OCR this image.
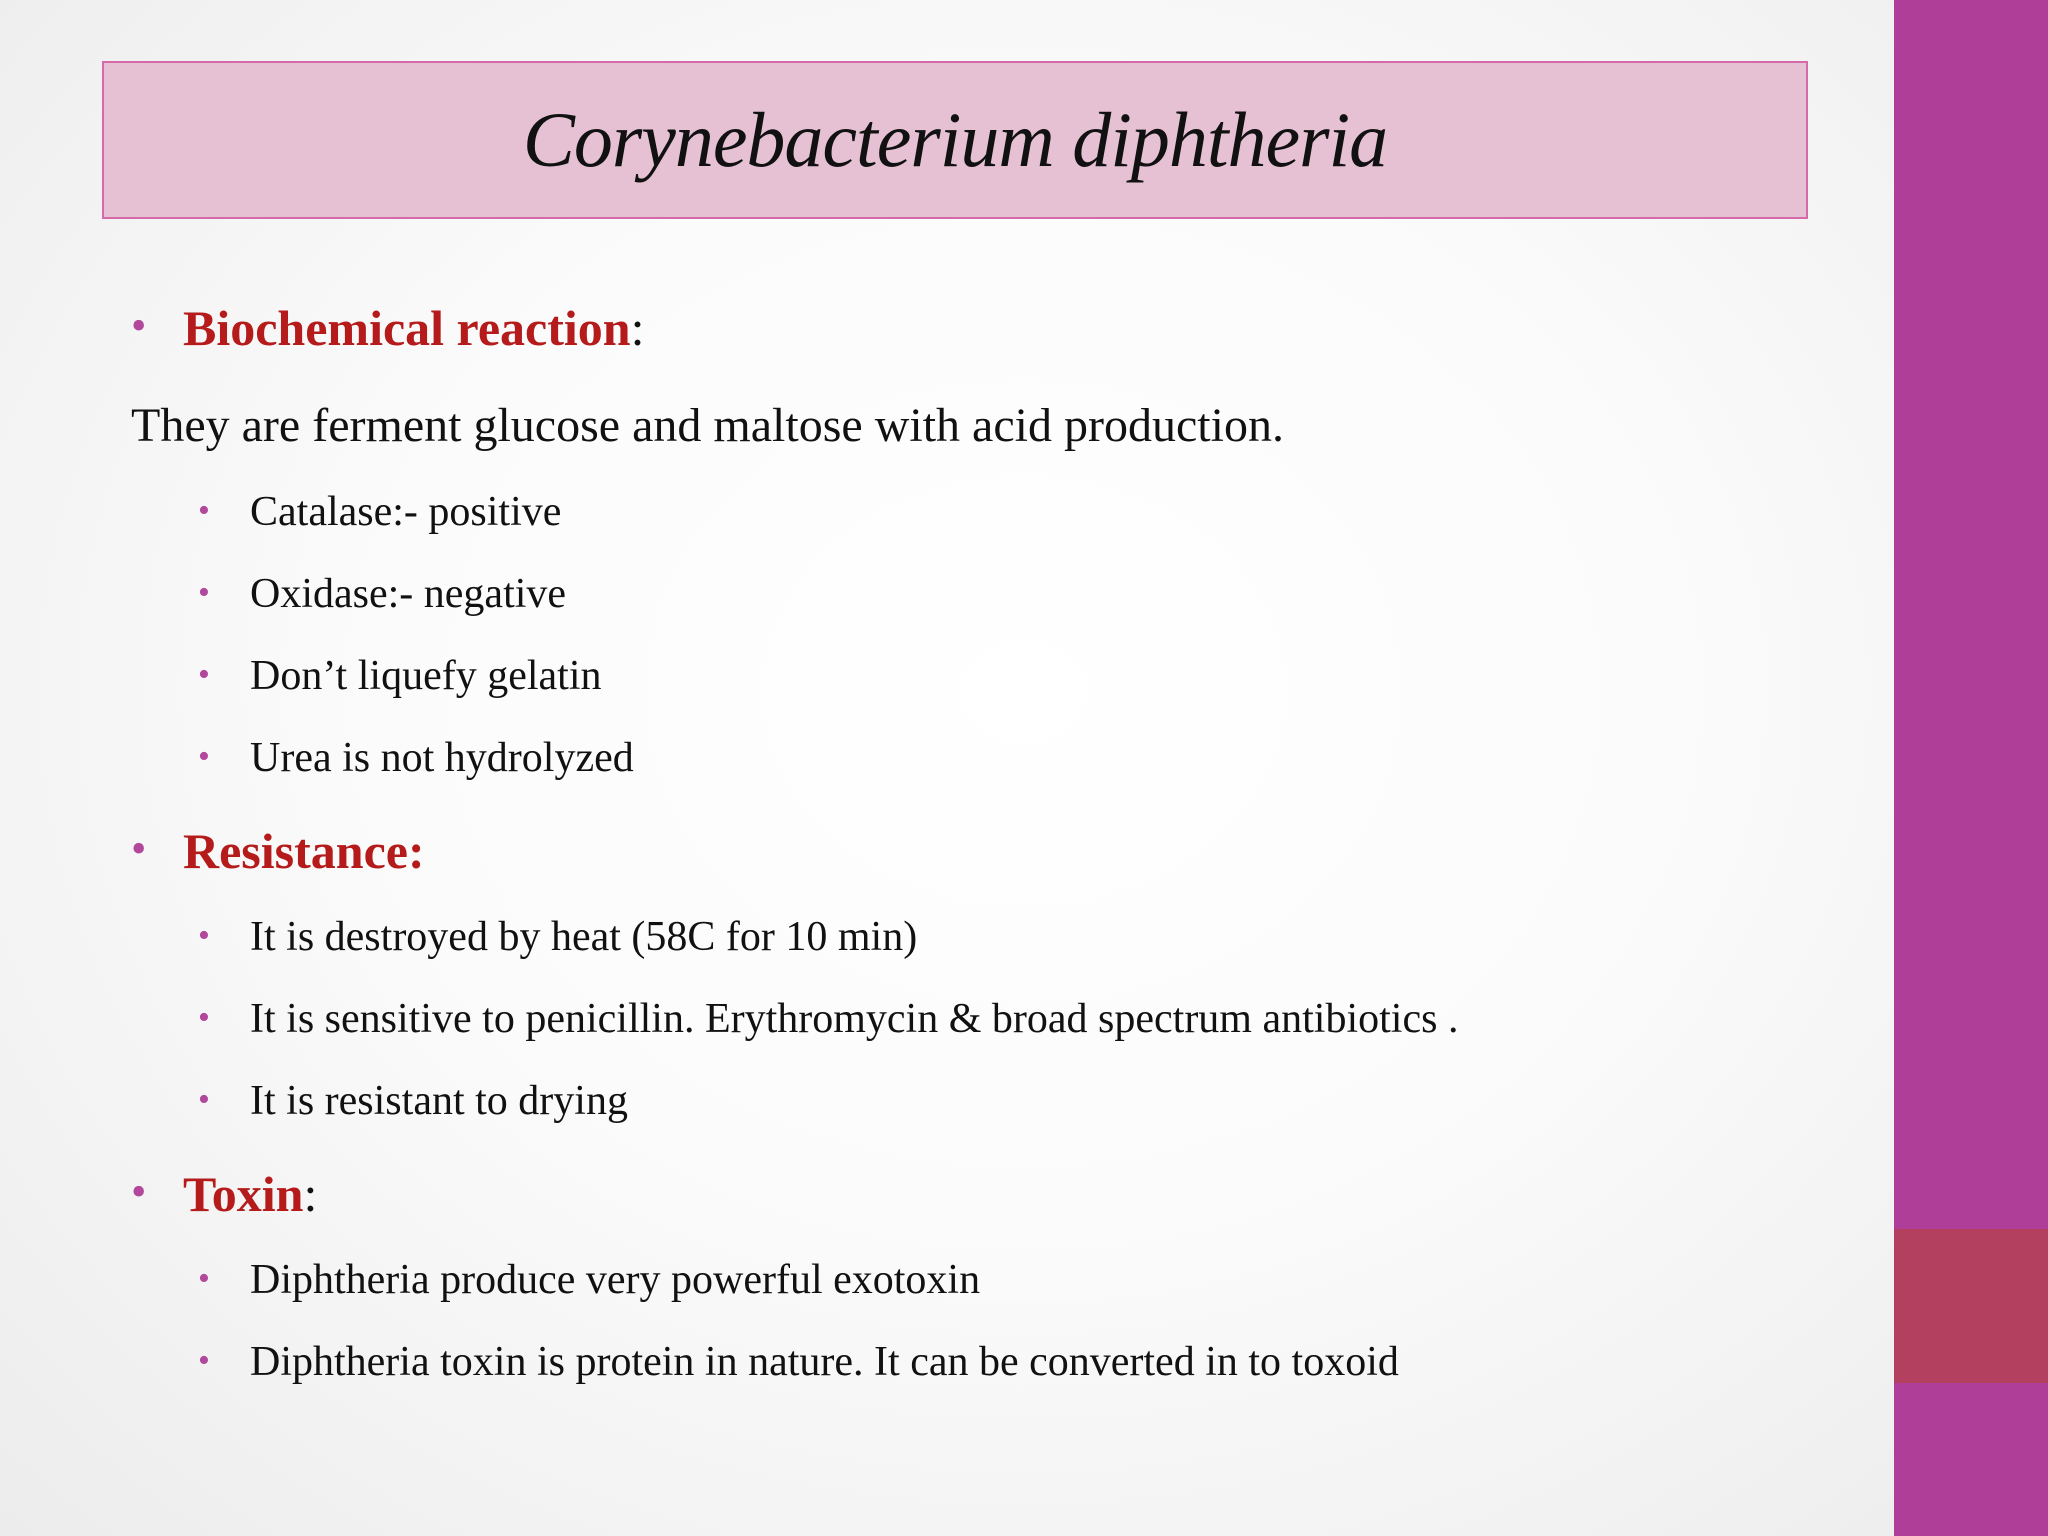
Corynebacterium diphtheria
• Biochemical reaction:
They are ferment glucose and maltose with acid production.
• Catalase:- positive
• Oxidase:- negative
• Don’t liquefy gelatin
• Urea is not hydrolyzed
• Resistance:
• It is destroyed by heat (58C for 10 min)
• It is sensitive to penicillin. Erythromycin & broad spectrum antibiotics .
• It is resistant to drying
• Toxin:
• Diphtheria produce very powerful exotoxin
• Diphtheria toxin is protein in nature. It can be converted in to toxoid
